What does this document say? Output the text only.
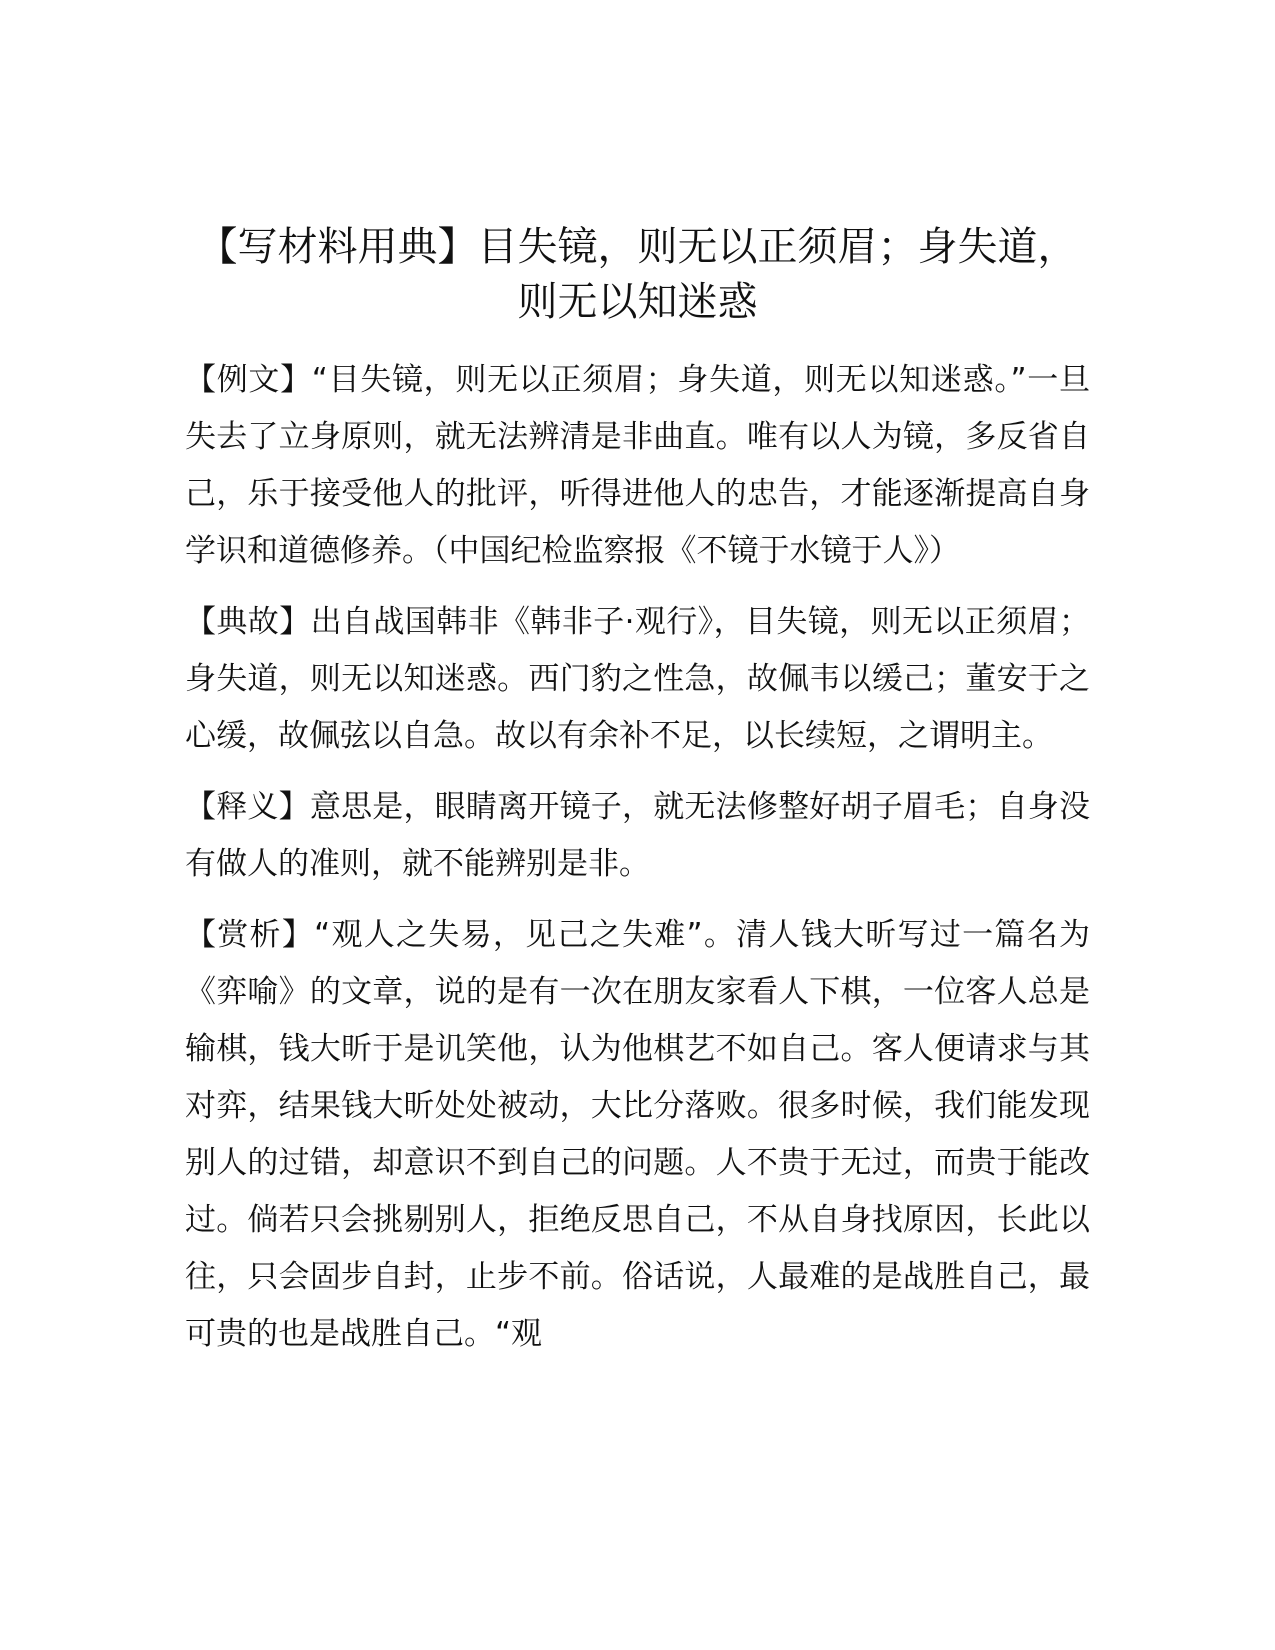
【写材料用典】目失镜，则无以正须眉；身失道，则无以知迷惑

【例文】“目失镜，则无以正须眉；身失道，则无以知迷惑。”一旦失去了立身原则，就无法辨清是非曲直。唯有以人为镜，多反省自己，乐于接受他人的批评，听得进他人的忠告，才能逐渐提高自身学识和道德修养。（中国纪检监察报《不镜于水镜于人》）

【典故】出自战国韩非《韩非子·观行》，目失镜，则无以正须眉；身失道，则无以知迷惑。西门豹之性急，故佩韦以缓己；董安于之心缓，故佩弦以自急。故以有余补不足，以长续短，之谓明主。

【释义】意思是，眼睛离开镜子，就无法修整好胡子眉毛；自身没有做人的准则，就不能辨别是非。

【赏析】“观人之失易，见己之失难”。清人钱大昕写过一篇名为《弈喻》的文章，说的是有一次在朋友家看人下棋，一位客人总是输棋，钱大昕于是讥笑他，认为他棋艺不如自己。客人便请求与其对弈，结果钱大昕处处被动，大比分落败。很多时候，我们能发现别人的过错，却意识不到自己的问题。人不贵于无过，而贵于能改过。倘若只会挑剔别人，拒绝反思自己，不从自身找原因，长此以往，只会固步自封，止步不前。俗话说，人最难的是战胜自己，最可贵的也是战胜自己。“观
